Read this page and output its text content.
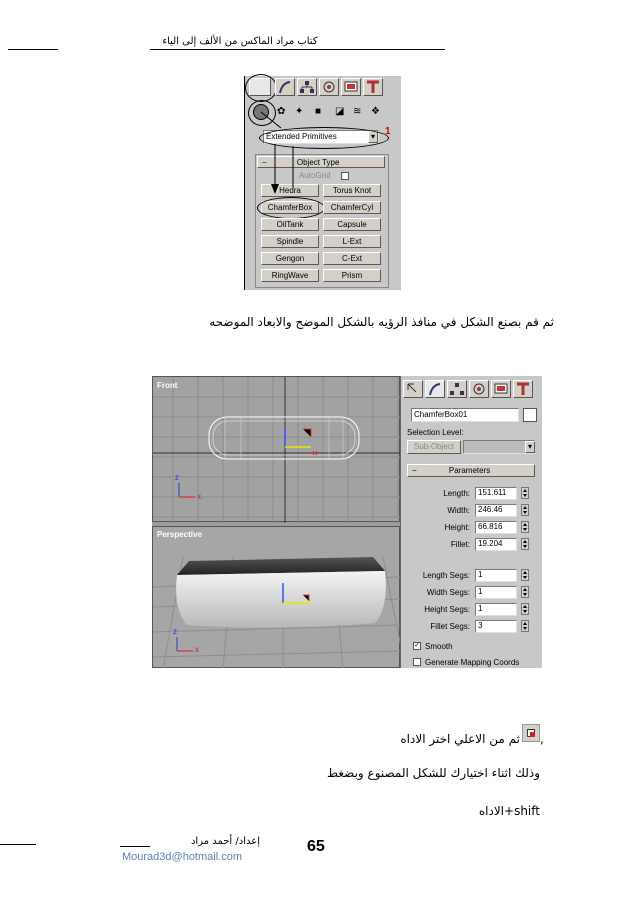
كتاب مراد الماكس من الألف إلى الياء
✿ ✦ ■ ◪ ≋ ❖
Extended Primitives	▾	1
−	Object Type
AutoGrid
Hedra	Torus Knot
ChamferBox	ChamferCyl
OilTank	Capsule
Spindle	L-Ext
Gengon	C-Ext
RingWave	Prism
ثم قم بصنع الشكل في منافذ الرؤيه بالشكل الموضح والابعاد الموضحه
Front
z
x
Perspective
z
x
ChamferBox01
Selection Level:
Sub-Object	▾
−	Parameters
Length:	151.611
Width:	246.46
Height:	66.816
Fillet:	19.204
Length Segs:	1
Width Segs:	1
Height Segs:	1
Fillet Segs:	3
✓ Smooth
Generate Mapping Coords
,
ثم من الاعلي اختر الاداه
وذلك اثناء اختيارك للشكل المصنوع وبضغط
shift+الاداه
إعداد/ أحمد مراد
Mourad3d@hotmail.com
65
